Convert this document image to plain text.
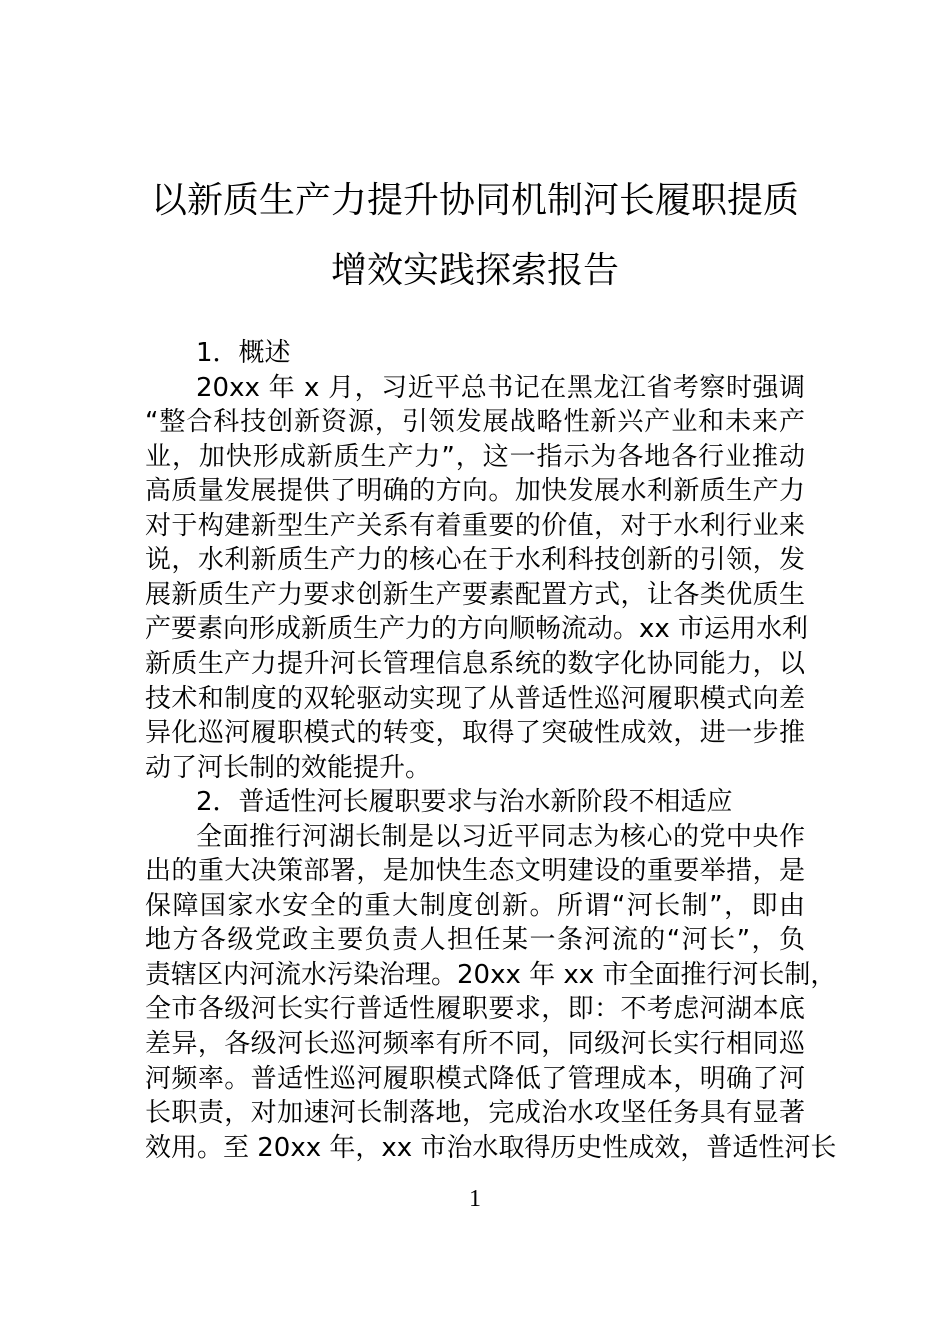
以新质生产力提升协同机制河长履职提质
增效实践探索报告
1．概述
20xx 年 x 月，习近平总书记在黑龙江省考察时强调
“整合科技创新资源，引领发展战略性新兴产业和未来产
业，加快形成新质生产力”，这一指示为各地各行业推动
高质量发展提供了明确的方向。加快发展水利新质生产力
对于构建新型生产关系有着重要的价值，对于水利行业来
说，水利新质生产力的核心在于水利科技创新的引领，发
展新质生产力要求创新生产要素配置方式，让各类优质生
产要素向形成新质生产力的方向顺畅流动。xx 市运用水利
新质生产力提升河长管理信息系统的数字化协同能力，以
技术和制度的双轮驱动实现了从普适性巡河履职模式向差
异化巡河履职模式的转变，取得了突破性成效，进一步推
动了河长制的效能提升。
2．普适性河长履职要求与治水新阶段不相适应
全面推行河湖长制是以习近平同志为核心的党中央作
出的重大决策部署，是加快生态文明建设的重要举措，是
保障国家水安全的重大制度创新。所谓“河长制”，即由
地方各级党政主要负责人担任某一条河流的“河长”，负
责辖区内河流水污染治理。20xx 年 xx 市全面推行河长制，
全市各级河长实行普适性履职要求，即：不考虑河湖本底
差异，各级河长巡河频率有所不同，同级河长实行相同巡
河频率。普适性巡河履职模式降低了管理成本，明确了河
长职责，对加速河长制落地，完成治水攻坚任务具有显著
效用。至 20xx 年，xx 市治水取得历史性成效，普适性河长
1
